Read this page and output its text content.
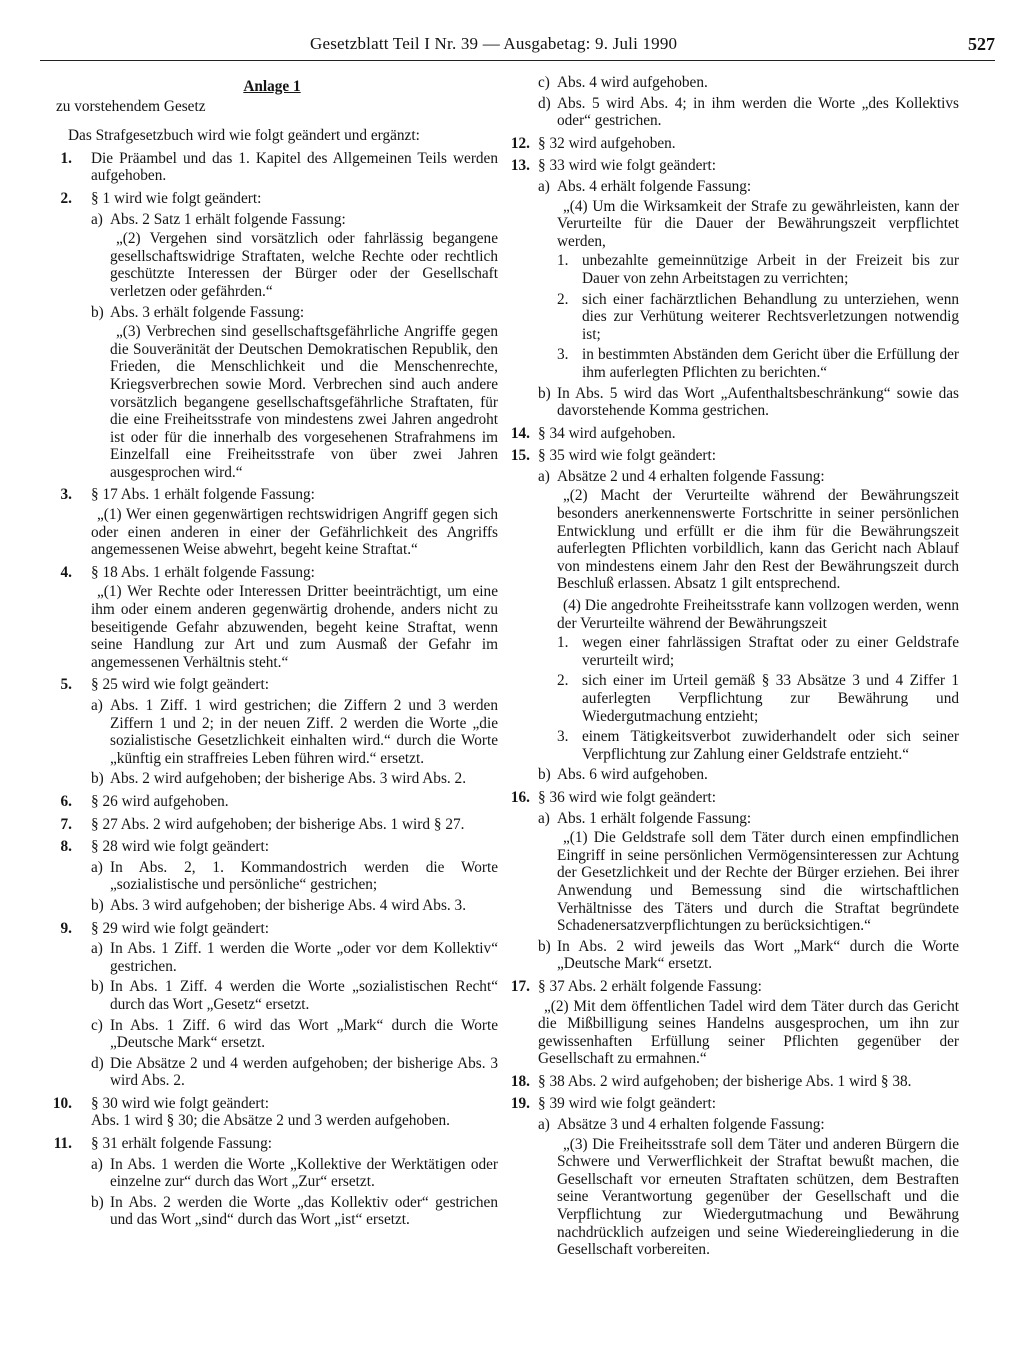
Gesetzblatt Teil I Nr. 39 — Ausgabetag: 9. Juli 1990	527
Anlage 1
zu vorstehendem Gesetz
Das Strafgesetzbuch wird wie folgt geändert und ergänzt:
1. Die Präambel und das 1. Kapitel des Allgemeinen Teils werden aufgehoben.
2. § 1 wird wie folgt geändert:
a) Abs. 2 Satz 1 erhält folgende Fassung:
„(2) Vergehen sind vorsätzlich oder fahrlässig begangene gesellschaftswidrige Straftaten, welche Rechte oder rechtlich geschützte Interessen der Bürger oder der Gesellschaft verletzen oder gefährden.“
b) Abs. 3 erhält folgende Fassung:
„(3) Verbrechen sind gesellschaftsgefährliche Angriffe gegen die Souveränität der Deutschen Demokratischen Republik, den Frieden, die Menschlichkeit und die Menschenrechte, Kriegsverbrechen sowie Mord. Verbrechen sind auch andere vorsätzlich begangene gesellschaftsgefährliche Straftaten, für die eine Freiheitsstrafe von mindestens zwei Jahren angedroht ist oder für die innerhalb des vorgesehenen Strafrahmens im Einzelfall eine Freiheitsstrafe von über zwei Jahren ausgesprochen wird.“
3. § 17 Abs. 1 erhält folgende Fassung:
„(1) Wer einen gegenwärtigen rechtswidrigen Angriff gegen sich oder einen anderen in einer der Gefährlichkeit des Angriffs angemessenen Weise abwehrt, begeht keine Straftat.“
4. § 18 Abs. 1 erhält folgende Fassung:
„(1) Wer Rechte oder Interessen Dritter beeinträchtigt, um eine ihm oder einem anderen gegenwärtig drohende, anders nicht zu beseitigende Gefahr abzuwenden, begeht keine Straftat, wenn seine Handlung zur Art und zum Ausmaß der Gefahr im angemessenen Verhältnis steht.“
5. § 25 wird wie folgt geändert:
a) Abs. 1 Ziff. 1 wird gestrichen; die Ziffern 2 und 3 werden Ziffern 1 und 2; in der neuen Ziff. 2 werden die Worte „die sozialistische Gesetzlichkeit einhalten wird.“ durch die Worte „künftig ein straffreies Leben führen wird.“ ersetzt.
b) Abs. 2 wird aufgehoben; der bisherige Abs. 3 wird Abs. 2.
6. § 26 wird aufgehoben.
7. § 27 Abs. 2 wird aufgehoben; der bisherige Abs. 1 wird § 27.
8. § 28 wird wie folgt geändert:
a) In Abs. 2, 1. Kommandostrich werden die Worte „sozialistische und persönliche“ gestrichen;
b) Abs. 3 wird aufgehoben; der bisherige Abs. 4 wird Abs. 3.
9. § 29 wird wie folgt geändert:
a) In Abs. 1 Ziff. 1 werden die Worte „oder vor dem Kollektiv“ gestrichen.
b) In Abs. 1 Ziff. 4 werden die Worte „sozialistischen Recht“ durch das Wort „Gesetz“ ersetzt.
c) In Abs. 1 Ziff. 6 wird das Wort „Mark“ durch die Worte „Deutsche Mark“ ersetzt.
d) Die Absätze 2 und 4 werden aufgehoben; der bisherige Abs. 3 wird Abs. 2.
10. § 30 wird wie folgt geändert:
Abs. 1 wird § 30; die Absätze 2 und 3 werden aufgehoben.
11. § 31 erhält folgende Fassung:
a) In Abs. 1 werden die Worte „Kollektive der Werktätigen oder einzelne zur“ durch das Wort „Zur“ ersetzt.
b) In Abs. 2 werden die Worte „das Kollektiv oder“ gestrichen und das Wort „sind“ durch das Wort „ist“ ersetzt.
c) Abs. 4 wird aufgehoben.
d) Abs. 5 wird Abs. 4; in ihm werden die Worte „des Kollektivs oder“ gestrichen.
12. § 32 wird aufgehoben.
13. § 33 wird wie folgt geändert:
a) Abs. 4 erhält folgende Fassung:
„(4) Um die Wirksamkeit der Strafe zu gewährleisten, kann der Verurteilte für die Dauer der Bewährungszeit verpflichtet werden,
1. unbezahlte gemeinnützige Arbeit in der Freizeit bis zur Dauer von zehn Arbeitstagen zu verrichten;
2. sich einer fachärztlichen Behandlung zu unterziehen, wenn dies zur Verhütung weiterer Rechtsverletzungen notwendig ist;
3. in bestimmten Abständen dem Gericht über die Erfüllung der ihm auferlegten Pflichten zu berichten.“
b) In Abs. 5 wird das Wort „Aufenthaltsbeschränkung“ sowie das davorstehende Komma gestrichen.
14. § 34 wird aufgehoben.
15. § 35 wird wie folgt geändert:
a) Absätze 2 und 4 erhalten folgende Fassung:
„(2) Macht der Verurteilte während der Bewährungszeit besonders anerkennenswerte Fortschritte in seiner persönlichen Entwicklung und erfüllt er die ihm für die Bewährungszeit auferlegten Pflichten vorbildlich, kann das Gericht nach Ablauf von mindestens einem Jahr den Rest der Bewährungszeit durch Beschluß erlassen. Absatz 1 gilt entsprechend.
(4) Die angedrohte Freiheitsstrafe kann vollzogen werden, wenn der Verurteilte während der Bewährungszeit
1. wegen einer fahrlässigen Straftat oder zu einer Geldstrafe verurteilt wird;
2. sich einer im Urteil gemäß § 33 Absätze 3 und 4 Ziffer 1 auferlegten Verpflichtung zur Bewährung und Wiedergutmachung entzieht;
3. einem Tätigkeitsverbot zuwiderhandelt oder sich seiner Verpflichtung zur Zahlung einer Geldstrafe entzieht.“
b) Abs. 6 wird aufgehoben.
16. § 36 wird wie folgt geändert:
a) Abs. 1 erhält folgende Fassung:
„(1) Die Geldstrafe soll dem Täter durch einen empfindlichen Eingriff in seine persönlichen Vermögensinteressen zur Achtung der Gesetzlichkeit und der Rechte der Bürger erziehen. Bei ihrer Anwendung und Bemessung sind die wirtschaftlichen Verhältnisse des Täters und durch die Straftat begründete Schadenersatzverpflichtungen zu berücksichtigen.“
b) In Abs. 2 wird jeweils das Wort „Mark“ durch die Worte „Deutsche Mark“ ersetzt.
17. § 37 Abs. 2 erhält folgende Fassung:
„(2) Mit dem öffentlichen Tadel wird dem Täter durch das Gericht die Mißbilligung seines Handelns ausgesprochen, um ihn zur gewissenhaften Erfüllung seiner Pflichten gegenüber der Gesellschaft zu ermahnen.“
18. § 38 Abs. 2 wird aufgehoben; der bisherige Abs. 1 wird § 38.
19. § 39 wird wie folgt geändert:
a) Absätze 3 und 4 erhalten folgende Fassung:
„(3) Die Freiheitsstrafe soll dem Täter und anderen Bürgern die Schwere und Verwerflichkeit der Straftat bewußt machen, die Gesellschaft vor erneuten Straftaten schützen, dem Bestraften seine Verantwortung gegenüber der Gesellschaft und die Verpflichtung zur Wiedergutmachung und Bewährung nachdrücklich aufzeigen und seine Wiedereingliederung in die Gesellschaft vorbereiten.
